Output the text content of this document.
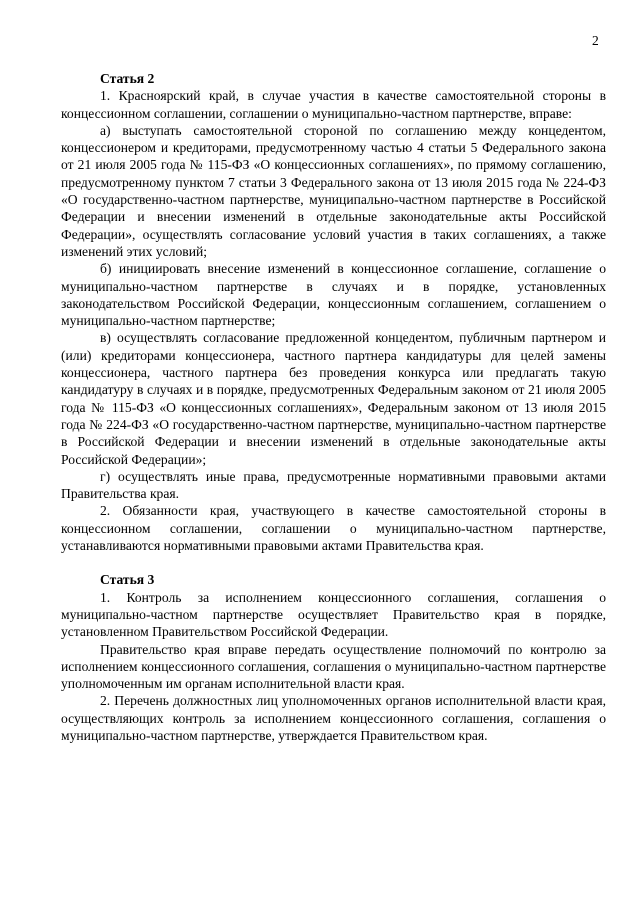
2

Статья 2

1. Красноярский край, в случае участия в качестве самостоятельной стороны в концессионном соглашении, соглашении о муниципально-частном партнерстве, вправе:

а) выступать самостоятельной стороной по соглашению между концедентом, концессионером и кредиторами, предусмотренному частью 4 статьи 5 Федерального закона от 21 июля 2005 года № 115-ФЗ «О концессионных соглашениях», по прямому соглашению, предусмотренному пунктом 7 статьи 3 Федерального закона от 13 июля 2015 года № 224-ФЗ «О государственно-частном партнерстве, муниципально-частном партнерстве в Российской Федерации и внесении изменений в отдельные законодательные акты Российской Федерации», осуществлять согласование условий участия в таких соглашениях, а также изменений этих условий;

б) инициировать внесение изменений в концессионное соглашение, соглашение о муниципально-частном партнерстве в случаях и в порядке, установленных законодательством Российской Федерации, концессионным соглашением, соглашением о муниципально-частном партнерстве;

в) осуществлять согласование предложенной концедентом, публичным партнером и (или) кредиторами концессионера, частного партнера кандидатуры для целей замены концессионера, частного партнера без проведения конкурса или предлагать такую кандидатуру в случаях и в порядке, предусмотренных Федеральным законом от 21 июля 2005 года № 115-ФЗ «О концессионных соглашениях», Федеральным законом от 13 июля 2015 года № 224-ФЗ «О государственно-частном партнерстве, муниципально-частном партнерстве в Российской Федерации и внесении изменений в отдельные законодательные акты Российской Федерации»;

г) осуществлять иные права, предусмотренные нормативными правовыми актами Правительства края.

2. Обязанности края, участвующего в качестве самостоятельной стороны в концессионном соглашении, соглашении о муниципально-частном партнерстве, устанавливаются нормативными правовыми актами Правительства края.

Статья 3

1. Контроль за исполнением концессионного соглашения, соглашения о муниципально-частном партнерстве осуществляет Правительство края в порядке, установленном Правительством Российской Федерации.

Правительство края вправе передать осуществление полномочий по контролю за исполнением концессионного соглашения, соглашения о муниципально-частном партнерстве уполномоченным им органам исполнительной власти края.

2. Перечень должностных лиц уполномоченных органов исполнительной власти края, осуществляющих контроль за исполнением концессионного соглашения, соглашения о муниципально-частном партнерстве, утверждается Правительством края.
